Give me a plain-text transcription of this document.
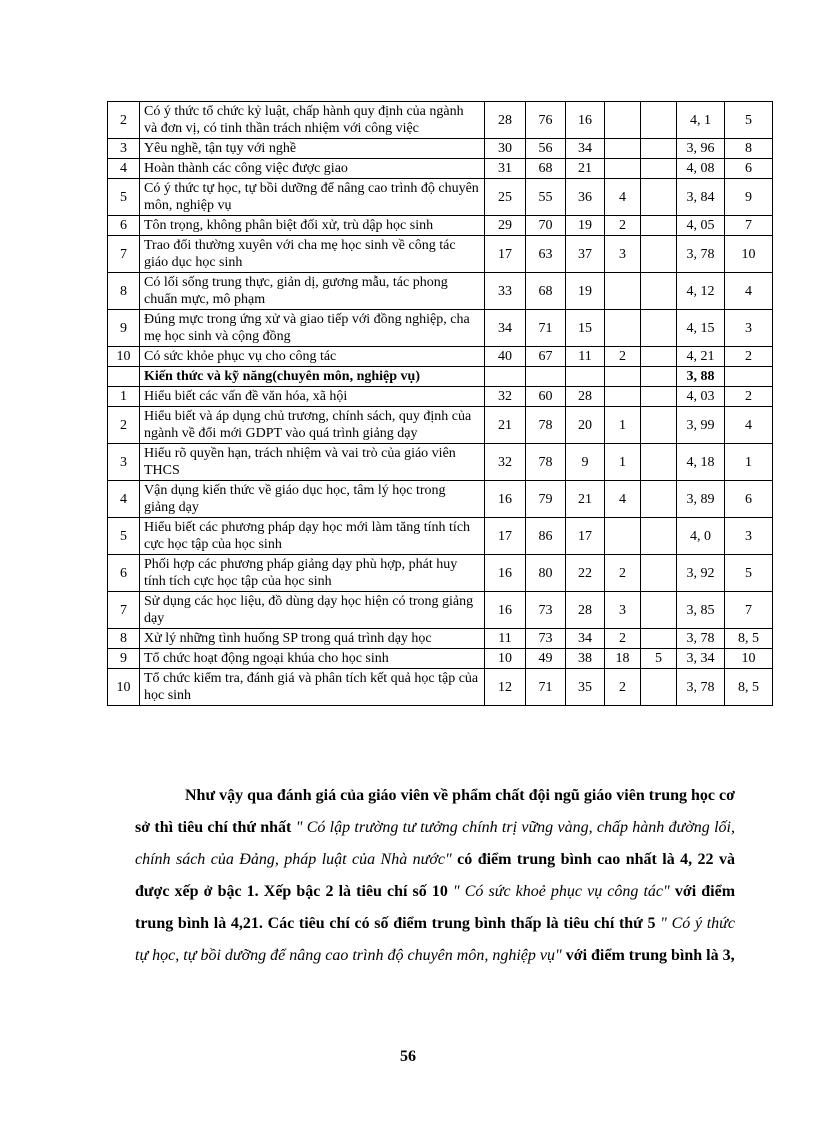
2	Có ý thức tổ chức kỷ luật, chấp hành quy định của ngành và đơn vị, có tinh thần trách nhiệm với công việc	28	76	16			4, 1	5
3	Yêu nghề, tận tụy với nghề	30	56	34			3, 96	8
4	Hoàn thành các công việc được giao	31	68	21			4, 08	6
5	Có ý thức tự học, tự bồi dưỡng để nâng cao trình độ chuyên môn, nghiệp vụ	25	55	36	4		3, 84	9
6	Tôn trọng, không phân biệt đối xử, trù dập học sinh	29	70	19	2		4, 05	7
7	Trao đổi thường xuyên với cha mẹ học sinh về công tác giáo dục học sinh	17	63	37	3		3, 78	10
8	Có lối sống trung thực, giản dị, gương mẫu, tác phong chuẩn mực, mô phạm	33	68	19			4, 12	4
9	Đúng mực trong ứng xử và giao tiếp với đồng nghiệp, cha mẹ học sinh và cộng đồng	34	71	15			4, 15	3
10	Có sức khỏe phục vụ cho công tác	40	67	11	2		4, 21	2
	Kiến thức và kỹ năng(chuyên môn, nghiệp vụ)						3, 88	
1	Hiểu biết các vấn đề văn hóa, xã hội	32	60	28			4, 03	2
2	Hiểu biết và áp dụng chủ trương, chính sách, quy định của ngành về đổi mới GDPT vào quá trình giảng dạy	21	78	20	1		3, 99	4
3	Hiểu rõ quyền hạn, trách nhiệm và vai trò của giáo viên THCS	32	78	9	1		4, 18	1
4	Vận dụng kiến thức về giáo dục học, tâm lý học trong giảng dạy	16	79	21	4		3, 89	6
5	Hiểu biết các phương pháp dạy học mới làm tăng tính tích cực học tập của học sinh	17	86	17			4, 0	3
6	Phối hợp các phương pháp giảng dạy phù hợp, phát huy tính tích cực học tập của học sinh	16	80	22	2		3, 92	5
7	Sử dụng các học liệu, đồ dùng dạy học hiện có trong giảng dạy	16	73	28	3		3, 85	7
8	Xử lý những tình huống SP trong quá trình dạy học	11	73	34	2		3, 78	8, 5
9	Tổ chức hoạt động ngoại khúa cho học sinh	10	49	38	18	5	3, 34	10
10	Tổ chức kiểm tra, đánh giá và phân tích kết quả học tập của học sinh	12	71	35	2		3, 78	8, 5
Như vậy qua đánh giá của giáo viên về phẩm chất đội ngũ giáo viên trung học cơ sở thì tiêu chí thứ nhất " Có lập trường tư tưởng chính trị vững vàng, chấp hành đường lối, chính sách của Đảng, pháp luật của Nhà nước" có điểm trung bình cao nhất là 4, 22 và được xếp ở bậc 1. Xếp bậc 2 là tiêu chí số 10 " Có sức khoẻ phục vụ công tác" với điểm trung bình là 4,21. Các tiêu chí có số điểm trung bình thấp là tiêu chí thứ 5 " Có ý thức tự học, tự bồi dưỡng để nâng cao trình độ chuyên môn, nghiệp vụ" với điểm trung bình là 3,
56
